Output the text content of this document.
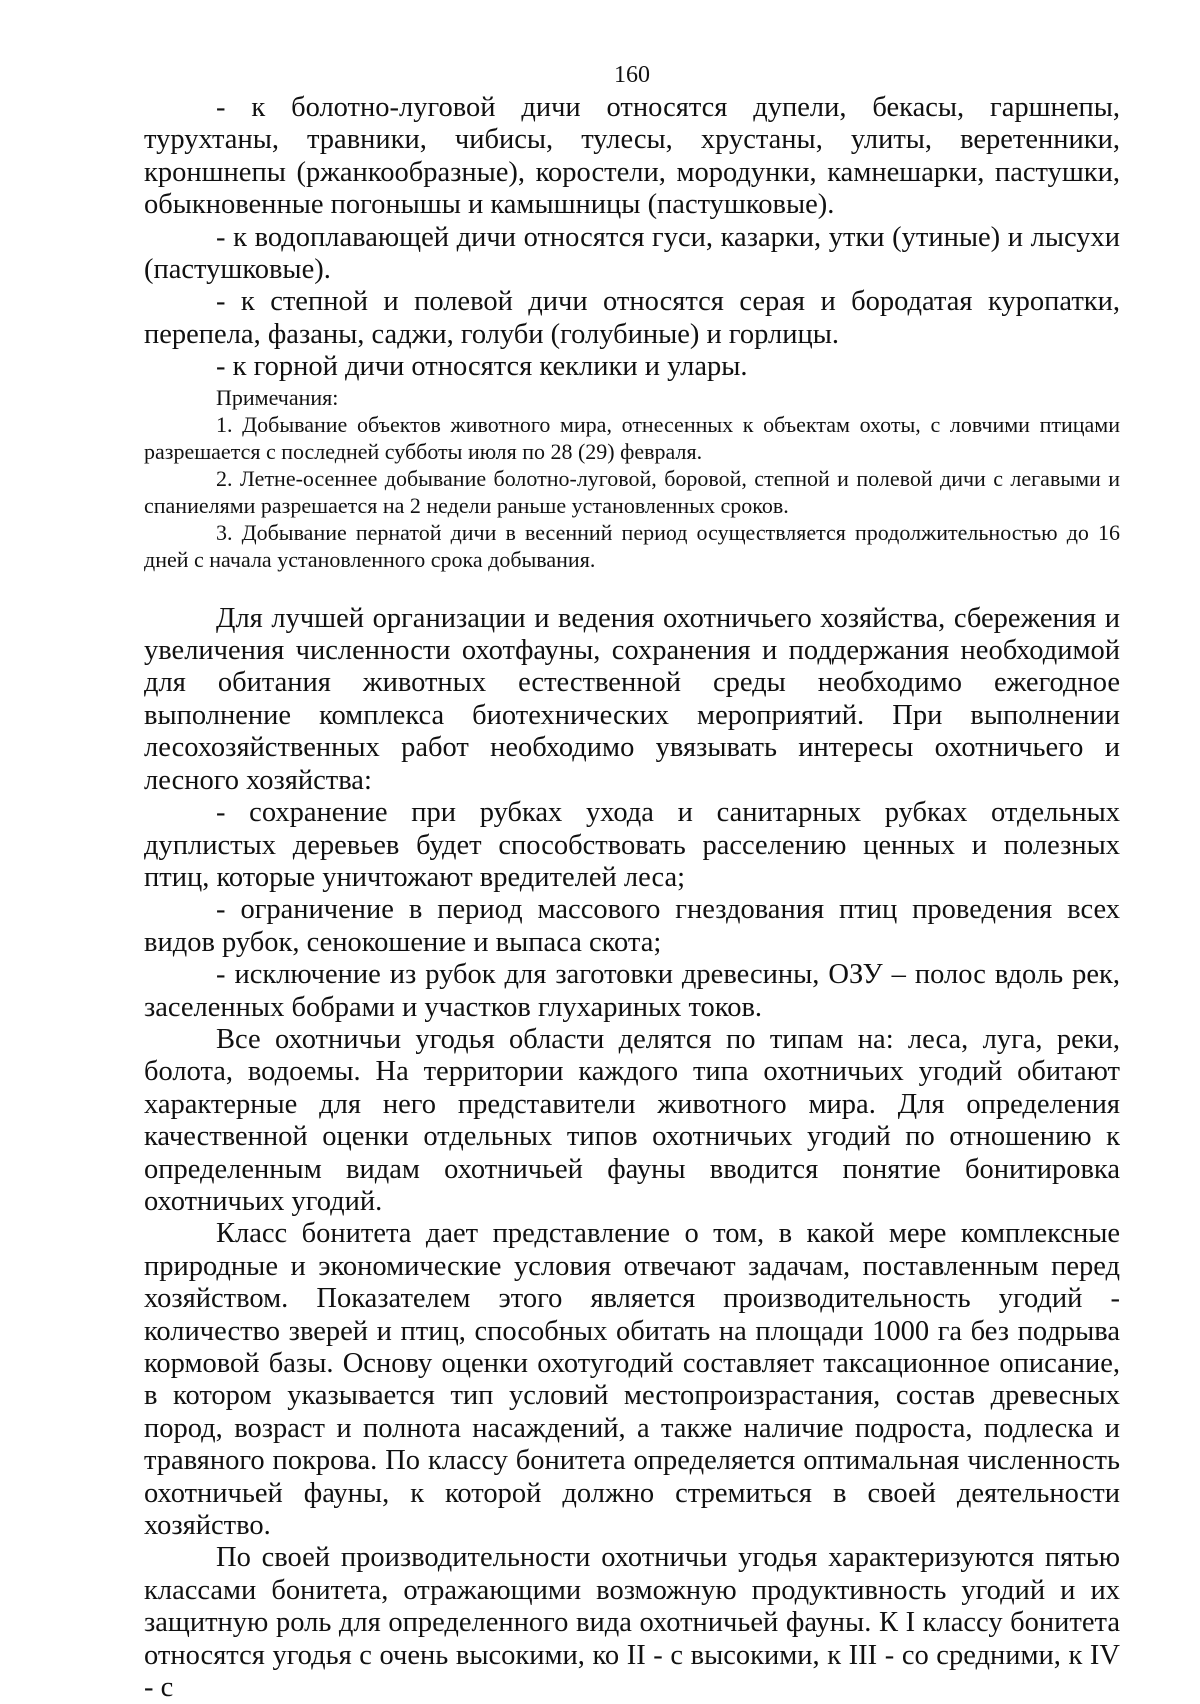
160

- к болотно-луговой дичи относятся дупели, бекасы, гаршнепы, турухтаны, травники, чибисы, тулесы, хрустаны, улиты, веретенники, кроншнепы (ржанкообразные), коростели, мородунки, камнешарки, пастушки, обыкновенные погонышы и камышницы (пастушковые).

- к водоплавающей дичи относятся гуси, казарки, утки (утиные) и лысухи (пастушковые).

- к степной и полевой дичи относятся серая и бородатая куропатки, перепела, фазаны, саджи, голуби (голубиные) и горлицы.

- к горной дичи относятся кеклики и улары.

Примечания:

1. Добывание объектов животного мира, отнесенных к объектам охоты, с ловчими птицами разрешается с последней субботы июля по 28 (29) февраля.

2. Летне-осеннее добывание болотно-луговой, боровой, степной и полевой дичи с легавыми и спаниелями разрешается на 2 недели раньше установленных сроков.

3. Добывание пернатой дичи в весенний период осуществляется продолжительностью до 16 дней с начала установленного срока добывания.

Для лучшей организации и ведения охотничьего хозяйства, сбережения и увеличения численности охотфауны, сохранения и поддержания необходимой для обитания животных естественной среды необходимо ежегодное выполнение комплекса биотехнических мероприятий. При выполнении лесохозяйственных работ необходимо увязывать интересы охотничьего и лесного хозяйства:

- сохранение при рубках ухода и санитарных рубках отдельных дуплистых деревьев будет способствовать расселению ценных и полезных птиц, которые уничтожают вредителей леса;

- ограничение в период массового гнездования птиц проведения всех видов рубок, сенокошение и выпаса скота;

- исключение из рубок для заготовки древесины, ОЗУ – полос вдоль рек, заселенных бобрами и участков глухариных токов.

Все охотничьи угодья области делятся по типам на: леса, луга, реки, болота, водоемы. На территории каждого типа охотничьих угодий обитают характерные для него представители животного мира. Для определения качественной оценки отдельных типов охотничьих угодий по отношению к определенным видам охотничьей фауны вводится понятие бонитировка охотничьих угодий.

Класс бонитета дает представление о том, в какой мере комплексные природные и экономические условия отвечают задачам, поставленным перед хозяйством. Показателем этого является производительность угодий - количество зверей и птиц, способных обитать на площади 1000 га без подрыва кормовой базы. Основу оценки охотугодий составляет таксационное описание, в котором указывается тип условий местопроизрастания, состав древесных пород, возраст и полнота насаждений, а также наличие подроста, подлеска и травяного покрова. По классу бонитета определяется оптимальная численность охотничьей фауны, к которой должно стремиться в своей деятельности хозяйство.

По своей производительности охотничьи угодья характеризуются пятью классами бонитета, отражающими возможную продуктивность угодий и их защитную роль для определенного вида охотничьей фауны. К I классу бонитета относятся угодья с очень высокими, ко II - с высокими, к III - со средними, к IV - с
